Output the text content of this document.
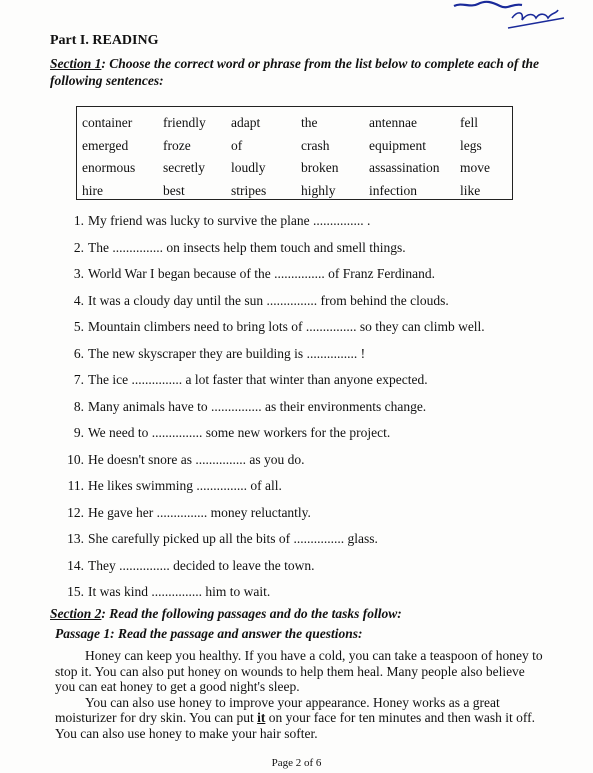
Part I. READING
Section 1: Choose the correct word or phrase from the list below to complete each of the following sentences:
container	friendly	adapt	the	antennae	fell
emerged	froze	of	crash	equipment	legs
enormous	secretly	loudly	broken	assassination	move
hire	best	stripes	highly	infection	like
1. My friend was lucky to survive the plane ............... .
2. The ............... on insects help them touch and smell things.
3. World War I began because of the ............... of Franz Ferdinand.
4. It was a cloudy day until the sun ............... from behind the clouds.
5. Mountain climbers need to bring lots of ............... so they can climb well.
6. The new skyscraper they are building is ............... !
7. The ice ............... a lot faster that winter than anyone expected.
8. Many animals have to ............... as their environments change.
9. We need to ............... some new workers for the project.
10. He doesn't snore as ............... as you do.
11. He likes swimming ............... of all.
12. He gave her ............... money reluctantly.
13. She carefully picked up all the bits of ............... glass.
14. They ............... decided to leave the town.
15. It was kind ............... him to wait.
Section 2: Read the following passages and do the tasks follow:
Passage 1: Read the passage and answer the questions:

Honey can keep you healthy. If you have a cold, you can take a teaspoon of honey to stop it. You can also put honey on wounds to help them heal. Many people also believe you can eat honey to get a good night's sleep.

You can also use honey to improve your appearance. Honey works as a great moisturizer for dry skin. You can put it on your face for ten minutes and then wash it off. You can also use honey to make your hair softer.

Page 2 of 6
